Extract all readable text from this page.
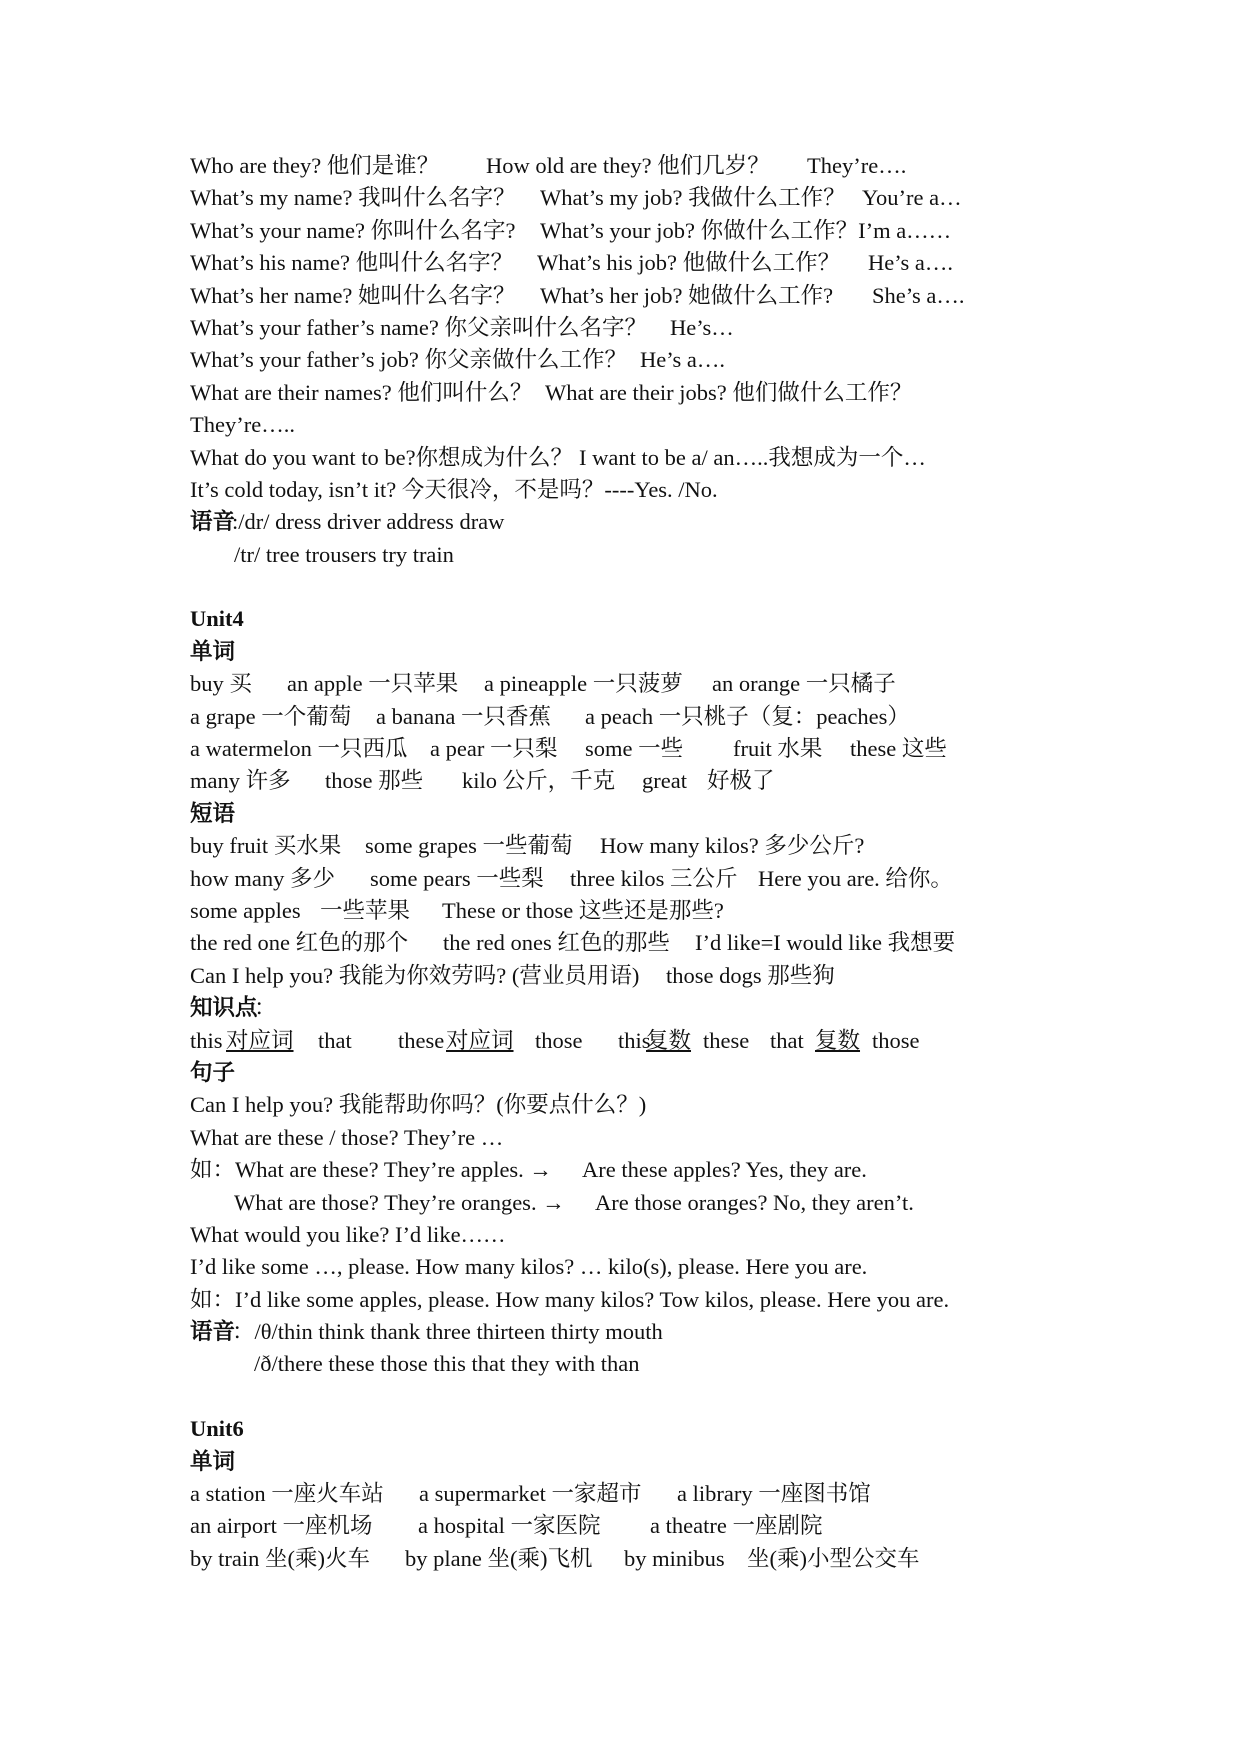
Who are they? 他们是谁？ How old are they? 他们几岁？ They’re….
What’s my name? 我叫什么名字？ What’s my job? 我做什么工作？ You’re a…
What’s your name? 你叫什么名字? What’s your job? 你做什么工作？I’m a……
What’s his name? 他叫什么名字？ What’s his job? 他做什么工作？ He’s a….
What’s her name? 她叫什么名字？ What’s her job? 她做什么工作? She’s a….
What’s your father’s name? 你父亲叫什么名字？ He’s…
What’s your father’s job? 你父亲做什么工作？ He’s a….
What are their names? 他们叫什么？ What are their jobs? 他们做什么工作？
They’re…..
What do you want to be?你想成为什么？ I want to be a/ an…..我想成为一个…
It’s cold today, isn’t it? 今天很冷，不是吗？----Yes. /No.
语音
:/dr/ dress driver address draw
/tr/ tree trousers try train
Unit4
单词
buy 买 an apple 一只苹果 a pineapple 一只菠萝 an orange 一只橘子
a grape 一个葡萄 a banana 一只香蕉 a peach 一只桃子（复：peaches）
a watermelon 一只西瓜 a pear 一只梨 some 一些 fruit 水果 these 这些
many 许多 those 那些 kilo 公斤，千克 great 好极了
短语
buy fruit 买水果 some grapes 一些葡萄 How many kilos? 多少公斤?
how many 多少 some pears 一些梨 three kilos 三公斤 Here you are. 给你。
some apples 一些苹果 These or those 这些还是那些?
the red one 红色的那个 the red ones 红色的那些 I’d like=I would like 我想要
Can I help you? 我能为你效劳吗? (营业员用语) those dogs 那些狗
知识点
：
this 对应词 that these 对应词 those this
复数 these that 复数 those
句子
Can I help you? 我能帮助你吗？(你要点什么？)
What are these / those? They’re …
如：What are these? They’re apples. → Are these apples? Yes, they are.
What are those? They’re oranges. → Are those oranges? No, they aren’t.
What would you like? I’d like……
I’d like some …, please. How many kilos? … kilo(s), please. Here you are.
如：I’d like some apples, please. How many kilos? Tow kilos, please. Here you are.
语音
：/θ/thin think thank three thirteen thirty mouth
/ð/there these those this that they with than
Unit6
单词
a station 一座火车站 a supermarket 一家超市 a library 一座图书馆
an airport 一座机场 a hospital 一家医院 a theatre 一座剧院
by train 坐(乘)火车 by plane 坐(乘)飞机 by minibus 坐(乘)小型公交车
